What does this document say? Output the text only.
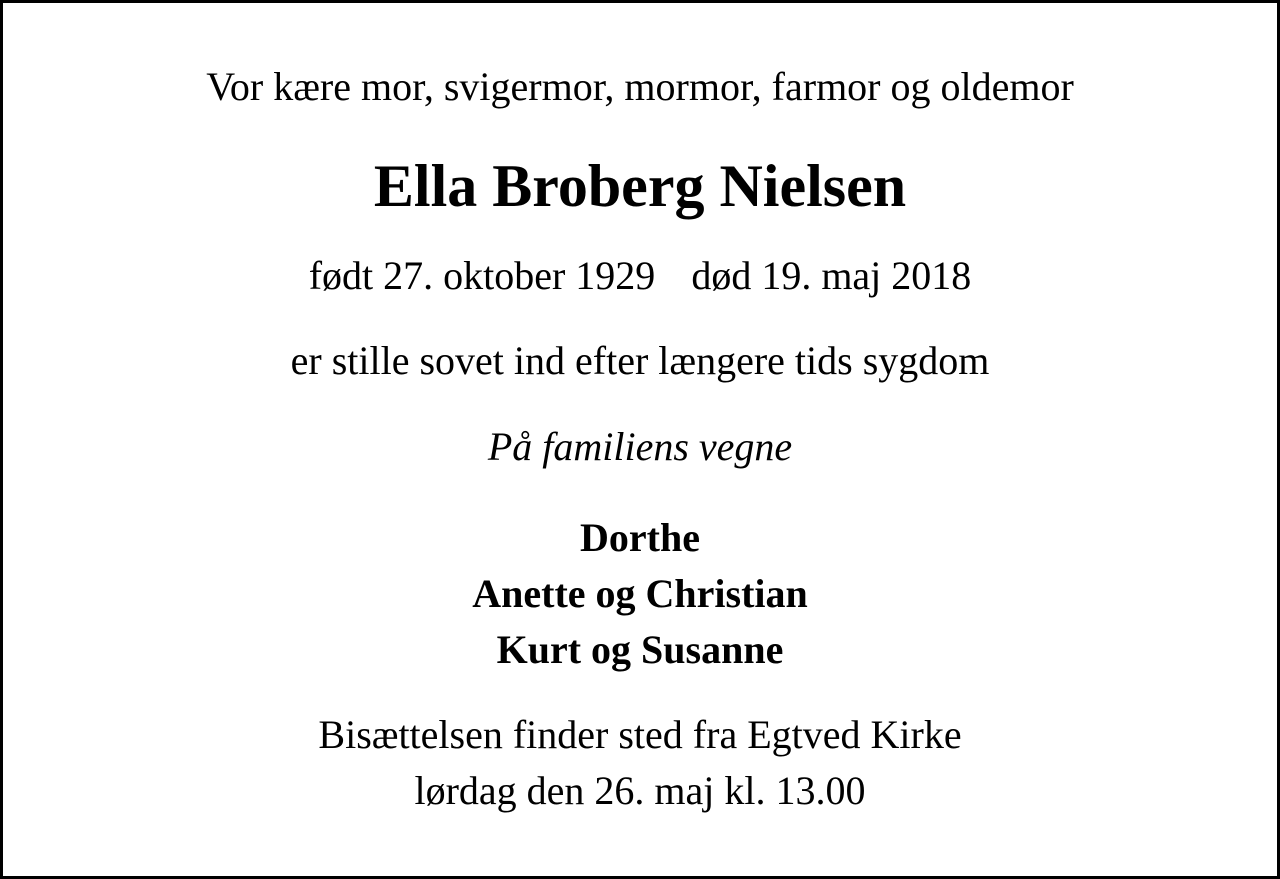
Vor kære mor, svigermor, mormor, farmor og oldemor
Ella Broberg Nielsen
født 27. oktober 1929 død 19. maj 2018
er stille sovet ind efter længere tids sygdom
På familiens vegne
Dorthe
Anette og Christian
Kurt og Susanne
Bisættelsen finder sted fra Egtved Kirke
lørdag den 26. maj kl. 13.00
